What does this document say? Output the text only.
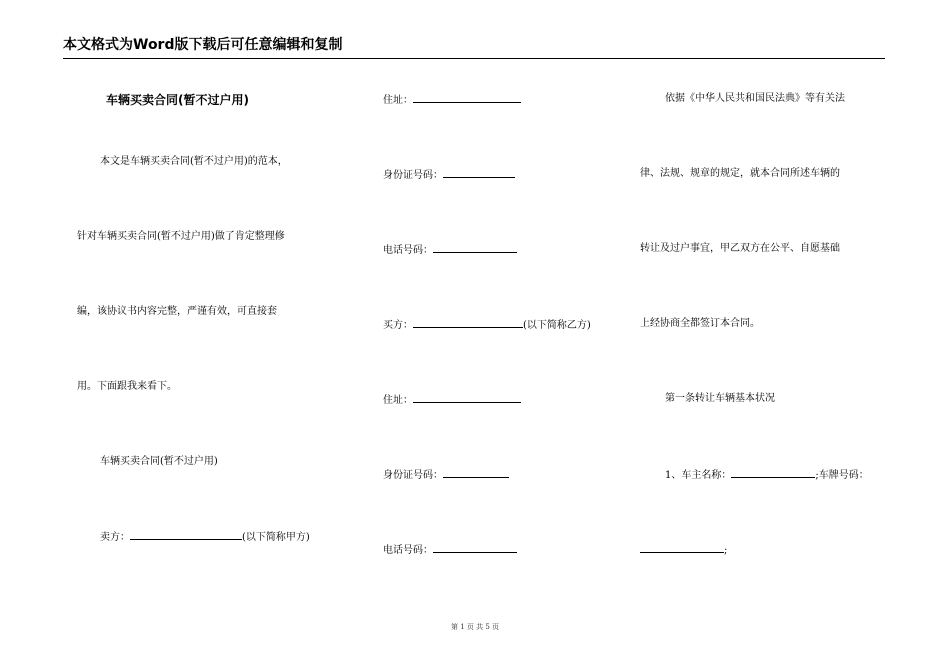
本文格式为Word版下载后可任意编辑和复制
车辆买卖合同(暂不过户用)
本文是车辆买卖合同(暂不过户用)的范本，
针对车辆买卖合同(暂不过户用)做了肯定整理修
编，该协议书内容完整，严谨有效，可直接套
用。下面跟我来看下。
车辆买卖合同(暂不过户用)
卖方：	(以下简称甲方)
住址：
身份证号码：
电话号码：
买方：	(以下简称乙方)
住址：
身份证号码：
电话号码：
依据《中华人民共和国民法典》等有关法
律、法规、规章的规定，就本合同所述车辆的
转让及过户事宜，甲乙双方在公平、自愿基础
上经协商全都签订本合同。
第一条转让车辆基本状况
1、车主名称：	;车牌号码：
;
第 1 页 共 5 页
